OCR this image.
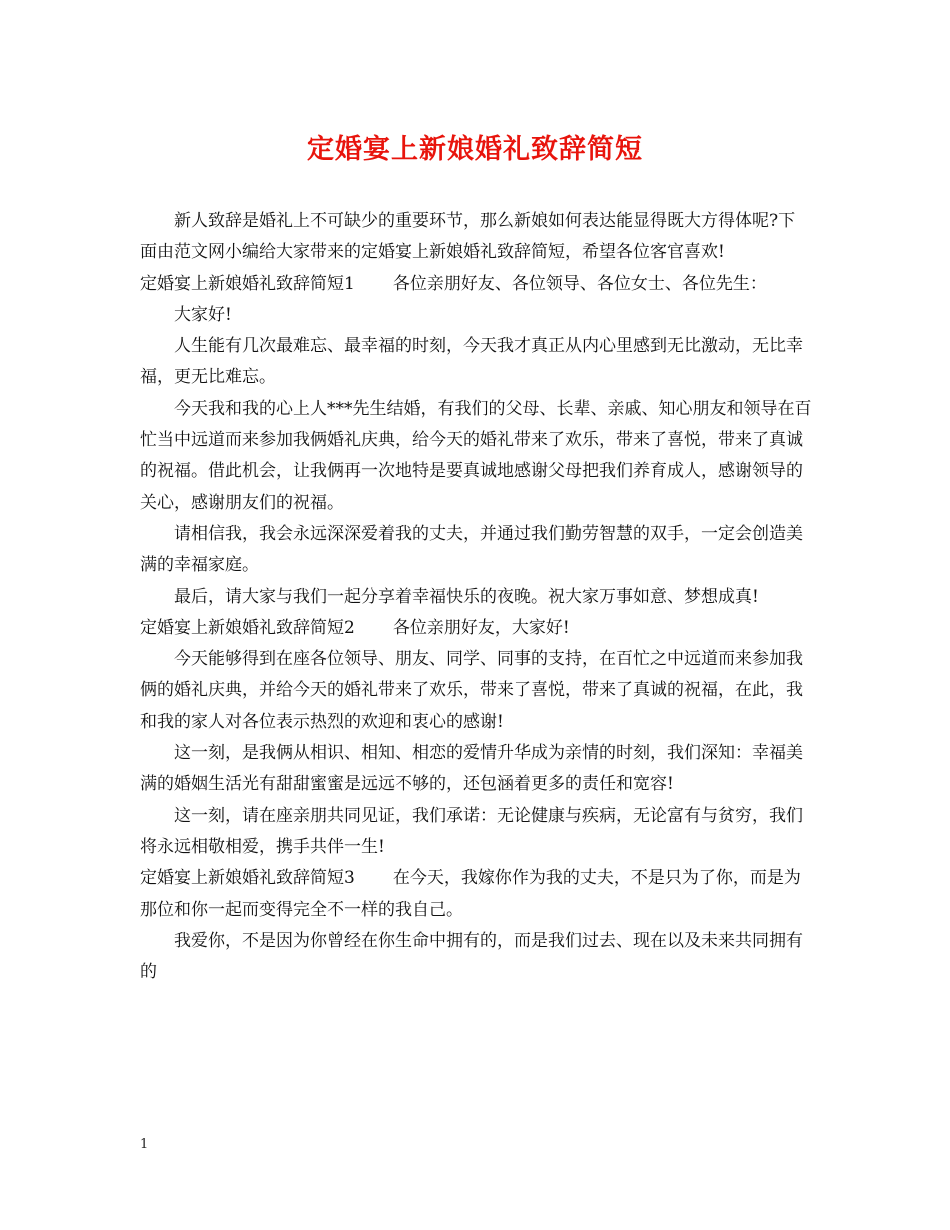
定婚宴上新娘婚礼致辞简短

新人致辞是婚礼上不可缺少的重要环节，那么新娘如何表达能显得既大方得体呢?下面由范文网小编给大家带来的定婚宴上新娘婚礼致辞简短，希望各位客官喜欢!

定婚宴上新娘婚礼致辞简短1 各位亲朋好友、各位领导、各位女士、各位先生：

大家好!

人生能有几次最难忘、最幸福的时刻，今天我才真正从内心里感到无比激动，无比幸福，更无比难忘。

今天我和我的心上人***先生结婚，有我们的父母、长辈、亲戚、知心朋友和领导在百忙当中远道而来参加我俩婚礼庆典，给今天的婚礼带来了欢乐，带来了喜悦，带来了真诚的祝福。借此机会，让我俩再一次地特是要真诚地感谢父母把我们养育成人，感谢领导的关心，感谢朋友们的祝福。

请相信我，我会永远深深爱着我的丈夫，并通过我们勤劳智慧的双手，一定会创造美满的幸福家庭。

最后，请大家与我们一起分享着幸福快乐的夜晚。祝大家万事如意、梦想成真!

定婚宴上新娘婚礼致辞简短2 各位亲朋好友，大家好!

今天能够得到在座各位领导、朋友、同学、同事的支持，在百忙之中远道而来参加我俩的婚礼庆典，并给今天的婚礼带来了欢乐，带来了喜悦，带来了真诚的祝福，在此，我和我的家人对各位表示热烈的欢迎和衷心的感谢!

这一刻，是我俩从相识、相知、相恋的爱情升华成为亲情的时刻，我们深知：幸福美满的婚姻生活光有甜甜蜜蜜是远远不够的，还包涵着更多的责任和宽容!

这一刻，请在座亲朋共同见证，我们承诺：无论健康与疾病，无论富有与贫穷，我们将永远相敬相爱，携手共伴一生!

定婚宴上新娘婚礼致辞简短3 在今天，我嫁你作为我的丈夫，不是只为了你，而是为那位和你一起而变得完全不一样的我自己。

我爱你，不是因为你曾经在你生命中拥有的，而是我们过去、现在以及未来共同拥有的

1
